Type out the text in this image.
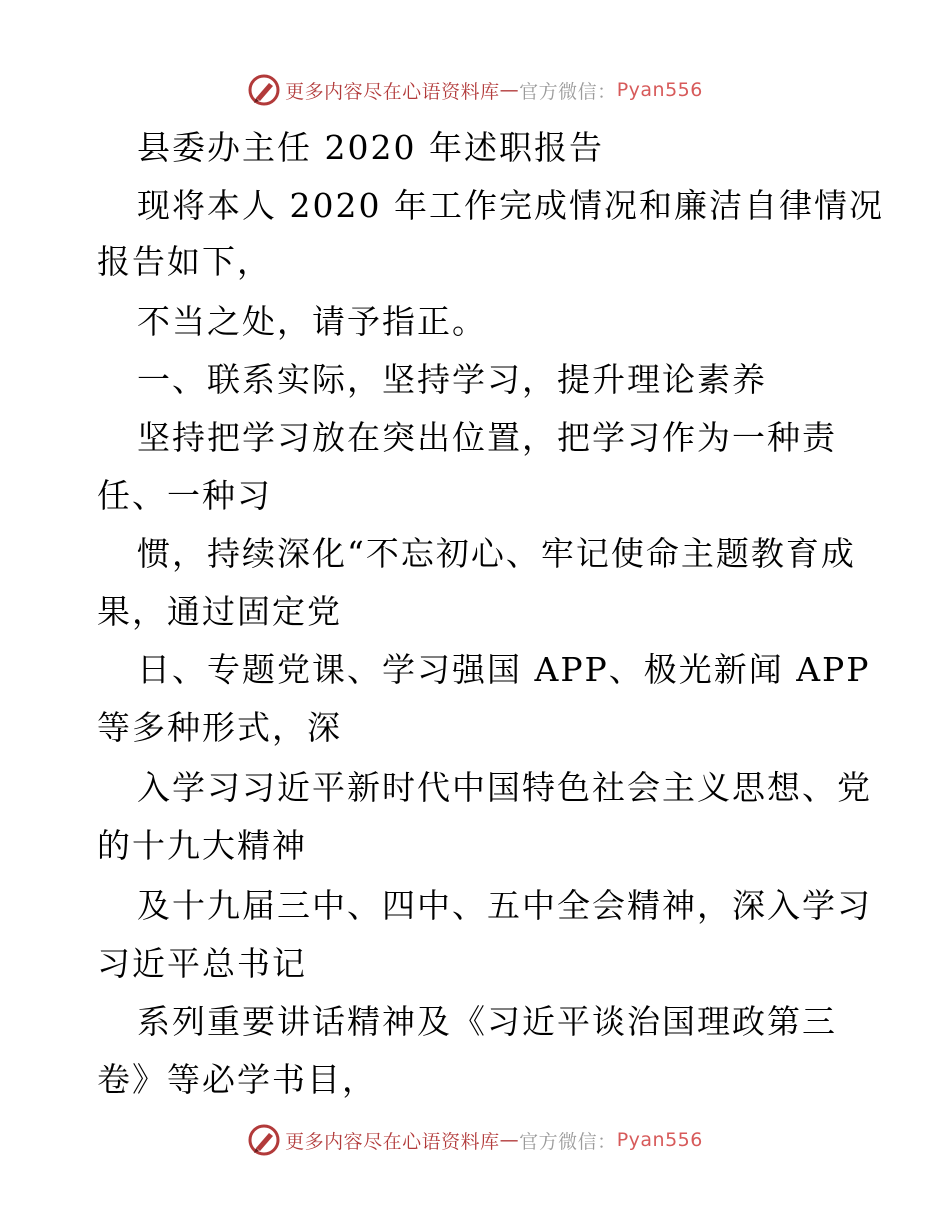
更多内容尽在心语资料库 — 官方微信： Pyan556
县委办主任 2020 年述职报告
现将本人 2020 年工作完成情况和廉洁自律情况
报告如下，
不当之处，请予指正。
一、联系实际，坚持学习，提升理论素养
坚持把学习放在突出位置，把学习作为一种责
任、一种习
惯，持续深化“不忘初心、牢记使命主题教育成
果，通过固定党
日、专题党课、学习强国 APP、极光新闻 APP
等多种形式，深
入学习习近平新时代中国特色社会主义思想、党
的十九大精神
及十九届三中、四中、五中全会精神，深入学习
习近平总书记
系列重要讲话精神及《习近平谈治国理政第三
卷》等必学书目，
更多内容尽在心语资料库 — 官方微信： Pyan556
